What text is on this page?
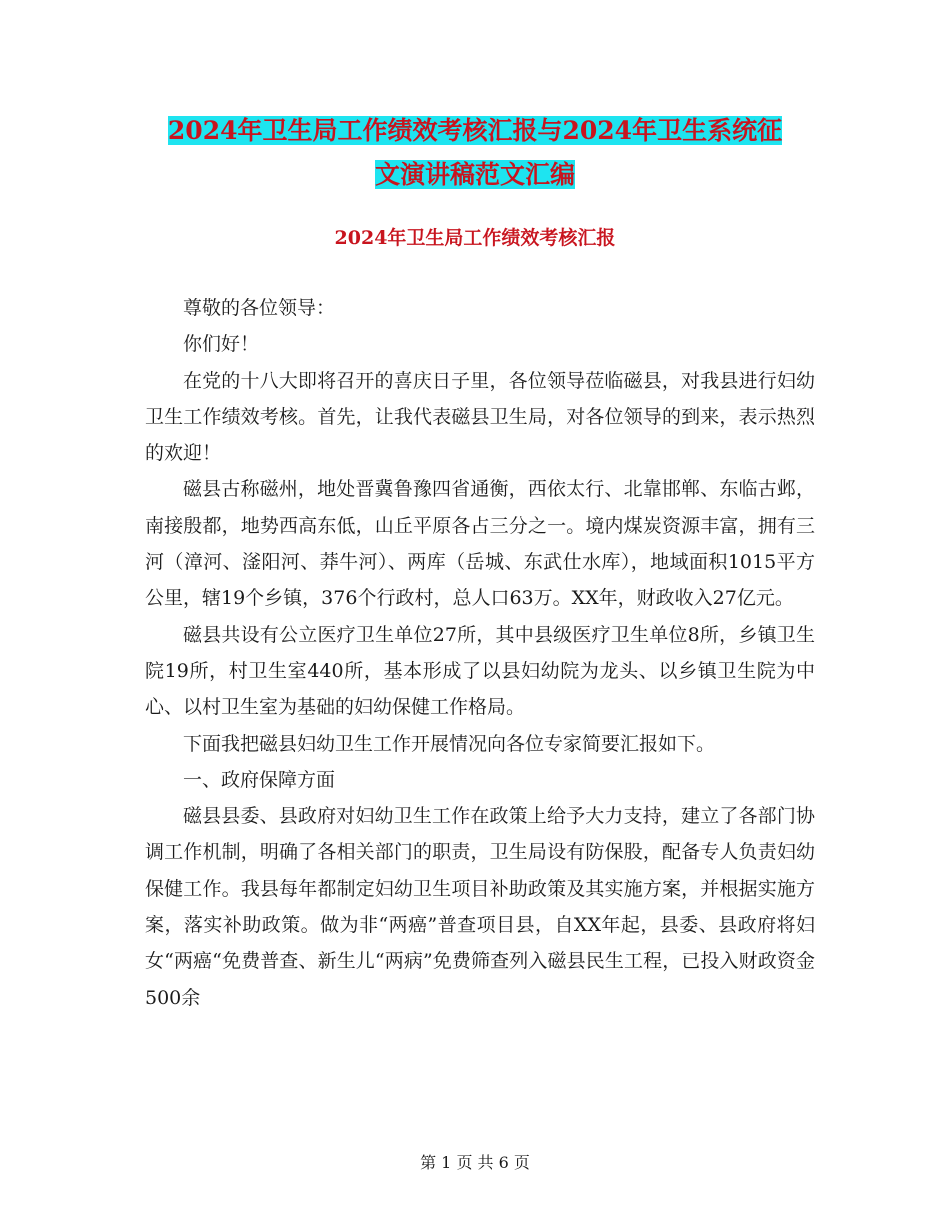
2024年卫生局工作绩效考核汇报与2024年卫生系统征
文演讲稿范文汇编
2024年卫生局工作绩效考核汇报

尊敬的各位领导：

你们好！

在党的十八大即将召开的喜庆日子里，各位领导莅临磁县，对我县进行妇幼卫生工作绩效考核。首先，让我代表磁县卫生局，对各位领导的到来，表示热烈的欢迎！

磁县古称磁州，地处晋冀鲁豫四省通衡，西依太行、北靠邯郸、东临古邺，南接殷都，地势西高东低，山丘平原各占三分之一。境内煤炭资源丰富，拥有三河（漳河、滏阳河、莽牛河）、两库（岳城、东武仕水库），地域面积1015平方公里，辖19个乡镇，376个行政村，总人口63万。XX年，财政收入27亿元。

磁县共设有公立医疗卫生单位27所，其中县级医疗卫生单位8所，乡镇卫生院19所，村卫生室440所，基本形成了以县妇幼院为龙头、以乡镇卫生院为中心、以村卫生室为基础的妇幼保健工作格局。

下面我把磁县妇幼卫生工作开展情况向各位专家简要汇报如下。

一、政府保障方面

磁县县委、县政府对妇幼卫生工作在政策上给予大力支持，建立了各部门协调工作机制，明确了各相关部门的职责，卫生局设有防保股，配备专人负责妇幼保健工作。我县每年都制定妇幼卫生项目补助政策及其实施方案，并根据实施方案，落实补助政策。做为非“两癌”普查项目县，自XX年起，县委、县政府将妇女“两癌“免费普查、新生儿“两病”免费筛查列入磁县民生工程，已投入财政资金500余

第 1 页 共 6 页
